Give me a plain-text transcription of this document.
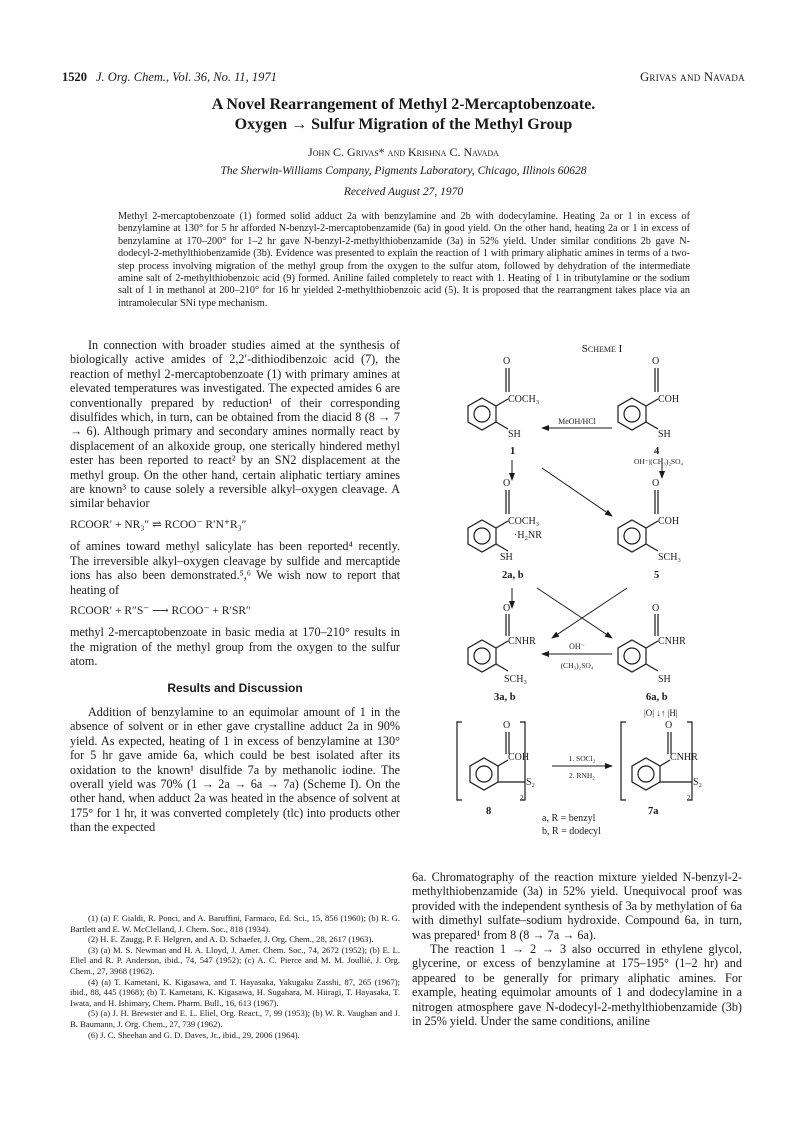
1520 J. Org. Chem., Vol. 36, No. 11, 1971	Grivas and Navada
A Novel Rearrangement of Methyl 2-Mercaptobenzoate.
Oxygen → Sulfur Migration of the Methyl Group
John C. Grivas* and Krishna C. Navada
The Sherwin-Williams Company, Pigments Laboratory, Chicago, Illinois 60628
Received August 27, 1970

Methyl 2-mercaptobenzoate (1) formed solid adduct 2a with benzylamine and 2b with dodecylamine. Heating 2a or 1 in excess of benzylamine at 130° for 5 hr afforded N-benzyl-2-mercaptobenzamide (6a) in good yield. On the other hand, heating 2a or 1 in excess of benzylamine at 170–200° for 1–2 hr gave N-benzyl-2-methylthiobenzamide (3a) in 52% yield. Under similar conditions 2b gave N-dodecyl-2-methylthiobenzamide (3b). Evidence was presented to explain the reaction of 1 with primary aliphatic amines in terms of a two-step process involving migration of the methyl group from the oxygen to the sulfur atom, followed by dehydration of the intermediate amine salt of 2-methylthiobenzoic acid (9) formed. Aniline failed completely to react with 1. Heating of 1 in tributylamine or the sodium salt of 1 in methanol at 200–210° for 16 hr yielded 2-methylthiobenzoic acid (5). It is proposed that the rearrangment takes place via an intramolecular SNi type mechanism.

In connection with broader studies aimed at the synthesis of biologically active amides of 2,2′-dithiodibenzoic acid (7), the reaction of methyl 2-mercaptobenzoate (1) with primary amines at elevated temperatures was investigated. The expected amides 6 are conventionally prepared by reduction¹ of their corresponding disulfides which, in turn, can be obtained from the diacid 8 (8 → 7 → 6). Although primary and secondary amines normally react by displacement of an alkoxide group, one sterically hindered methyl ester has been reported to react² by an SN2 displacement at the methyl group. On the other hand, certain aliphatic tertiary amines are known³ to cause solely a reversible alkyl–oxygen cleavage. A similar behavior

RCOOR′ + NR₃″ ⇌ RCOO⁻ R′N⁺R₃″

of amines toward methyl salicylate has been reported⁴ recently. The irreversible alkyl–oxygen cleavage by sulfide and mercaptide ions has also been demonstrated.⁵,⁶ We wish now to report that heating of

RCOOR′ + R″S⁻ ⟶ RCOO⁻ + R′SR″

methyl 2-mercaptobenzoate in basic media at 170–210° results in the migration of the methyl group from the oxygen to the sulfur atom.

Results and Discussion

Addition of benzylamine to an equimolar amount of 1 in the absence of solvent or in ether gave crystalline adduct 2a in 90% yield. As expected, heating of 1 in excess of benzylamine at 130° for 5 hr gave amide 6a, which could be best isolated after its oxidation to the known¹ disulfide 7a by methanolic iodine. The overall yield was 70% (1 → 2a → 6a → 7a) (Scheme I). On the other hand, when adduct 2a was heated in the absence of solvent at 175° for 1 hr, it was converted completely (tlc) into products other than the expected

(1) (a) F. Gialdi, R. Ponci, and A. Baruffini, Farmaco, Ed. Sci., 15, 856 (1960); (b) R. G. Bartlett and E. W. McClelland, J. Chem. Soc., 818 (1934).

(2) H. E. Zaugg, P. F. Helgren, and A. D. Schaefer, J. Org. Chem., 28, 2617 (1963).

(3) (a) M. S. Newman and H. A. Lloyd, J. Amer. Chem. Soc., 74, 2672 (1952); (b) E. L. Eliel and R. P. Anderson, ibid., 74, 547 (1952); (c) A. C. Pierce and M. M. Joullié, J. Org. Chem., 27, 3968 (1962).

(4) (a) T. Kametani, K. Kigasawa, and T. Hayasaka, Yakugaku Zasshi, 87, 265 (1967); ibid., 88, 445 (1968); (b) T. Kametani, K. Kigasawa, H. Sugahara, M. Hiiragi, T. Hayasaka, T. Iwata, and H. Ishimary, Chem. Pharm. Bull., 16, 613 (1967).

(5) (a) J. H. Brewster and E. L. Eliel, Org. React., 7, 99 (1953); (b) W. R. Vaughan and J. B. Baumann, J. Org. Chem., 27, 739 (1962).

(6) J. C. Sheehan and G. D. Daves, Jr., ibid., 29, 2006 (1964).

Scheme I
O
COCH₃
SH
1
O
COH
SH
4
MeOH/HCl
OH⁻|(CH₃)₂SO₄
O
COCH₃
·H₂NR
SH
2a, b
O
COH
SCH₃
5
O
CNHR
SCH₃
3a, b
OH⁻
(CH₃)₂SO₄
O
CNHR
SH
6a, b
|O| ↓↑ |H|
O
COH
S₂
2
8
1. SOCl₂
2. RNH₂
O
CNHR
S₂
2
7a
a, R = benzyl
b, R = dodecyl

6a. Chromatography of the reaction mixture yielded N-benzyl-2-methylthiobenzamide (3a) in 52% yield. Unequivocal proof was provided with the independent synthesis of 3a by methylation of 6a with dimethyl sulfate–sodium hydroxide. Compound 6a, in turn, was prepared¹ from 8 (8 → 7a → 6a).

The reaction 1 → 2 → 3 also occurred in ethylene glycol, glycerine, or excess of benzylamine at 175–195° (1–2 hr) and appeared to be generally for primary aliphatic amines. For example, heating equimolar amounts of 1 and dodecylamine in a nitrogen atmosphere gave N-dodecyl-2-methylthiobenzamide (3b) in 25% yield. Under the same conditions, aniline
